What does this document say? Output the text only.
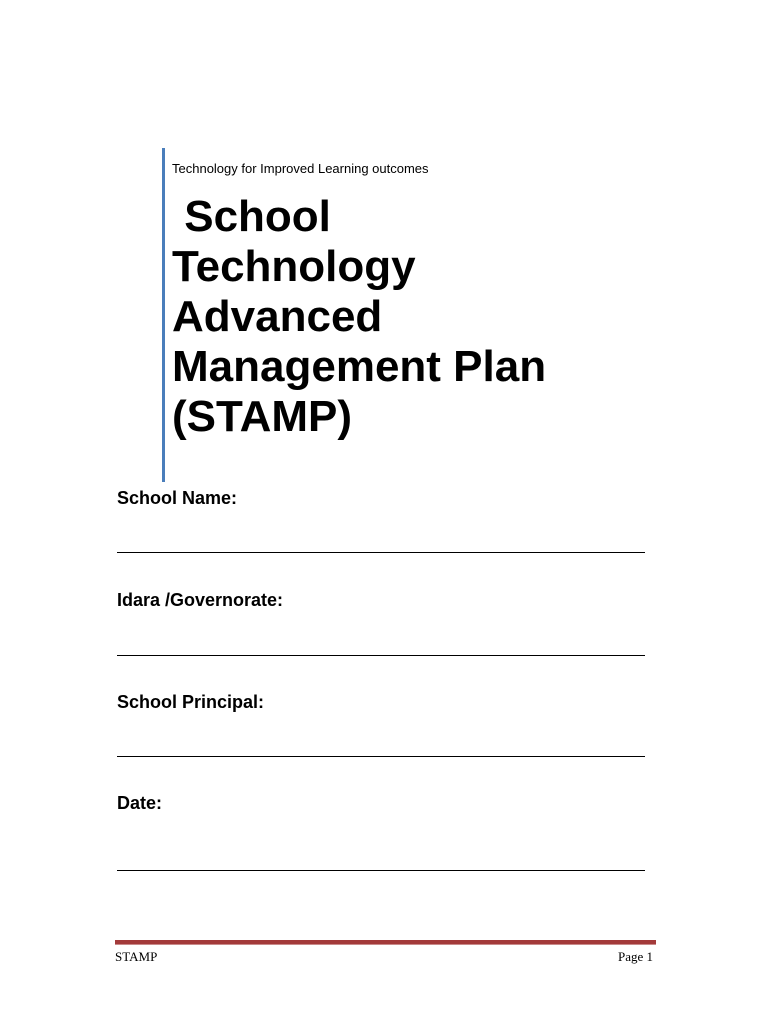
Technology for Improved Learning outcomes
School
Technology
Advanced
Management Plan
(STAMP)
School Name:
Idara /Governorate:
School Principal:
Date:
STAMP	Page 1
